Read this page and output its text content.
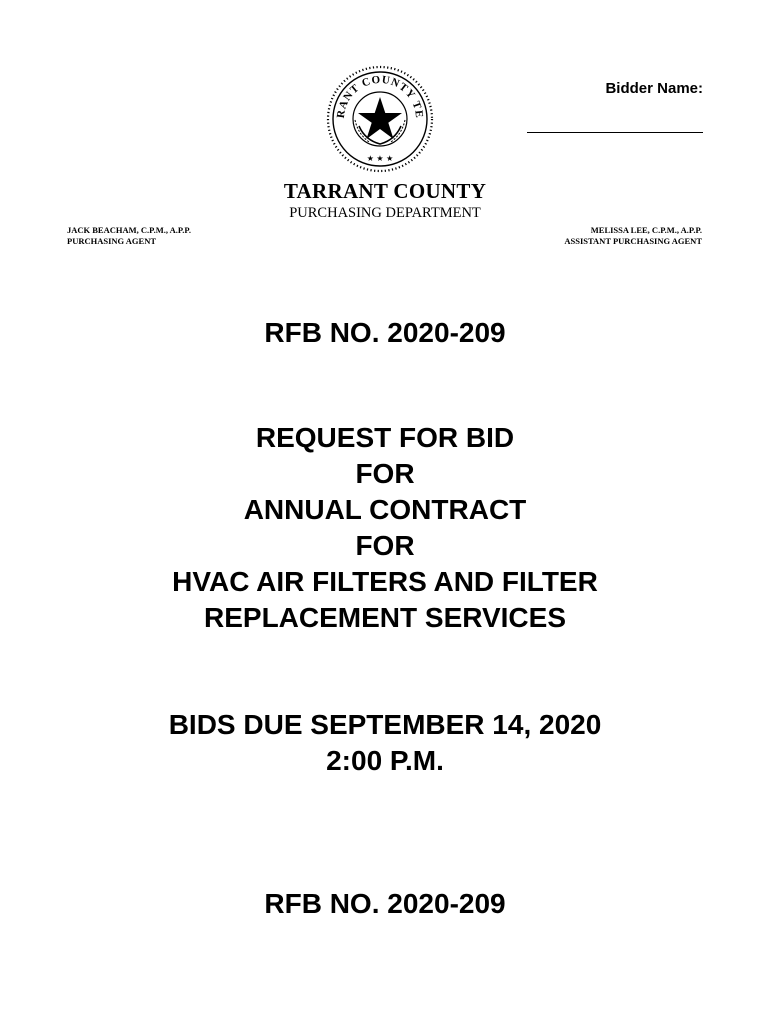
RANT COUNTY TE
★ ★ ★
Bidder Name:
TARRANT COUNTY
PURCHASING DEPARTMENT
JACK BEACHAM, C.P.M., A.P.P.
PURCHASING AGENT
MELISSA LEE, C.P.M., A.P.P.
ASSISTANT PURCHASING AGENT
RFB NO. 2020-209
REQUEST FOR BID
FOR
ANNUAL CONTRACT
FOR
HVAC AIR FILTERS AND FILTER
REPLACEMENT SERVICES
BIDS DUE SEPTEMBER 14, 2020
2:00 P.M.
RFB NO. 2020-209
